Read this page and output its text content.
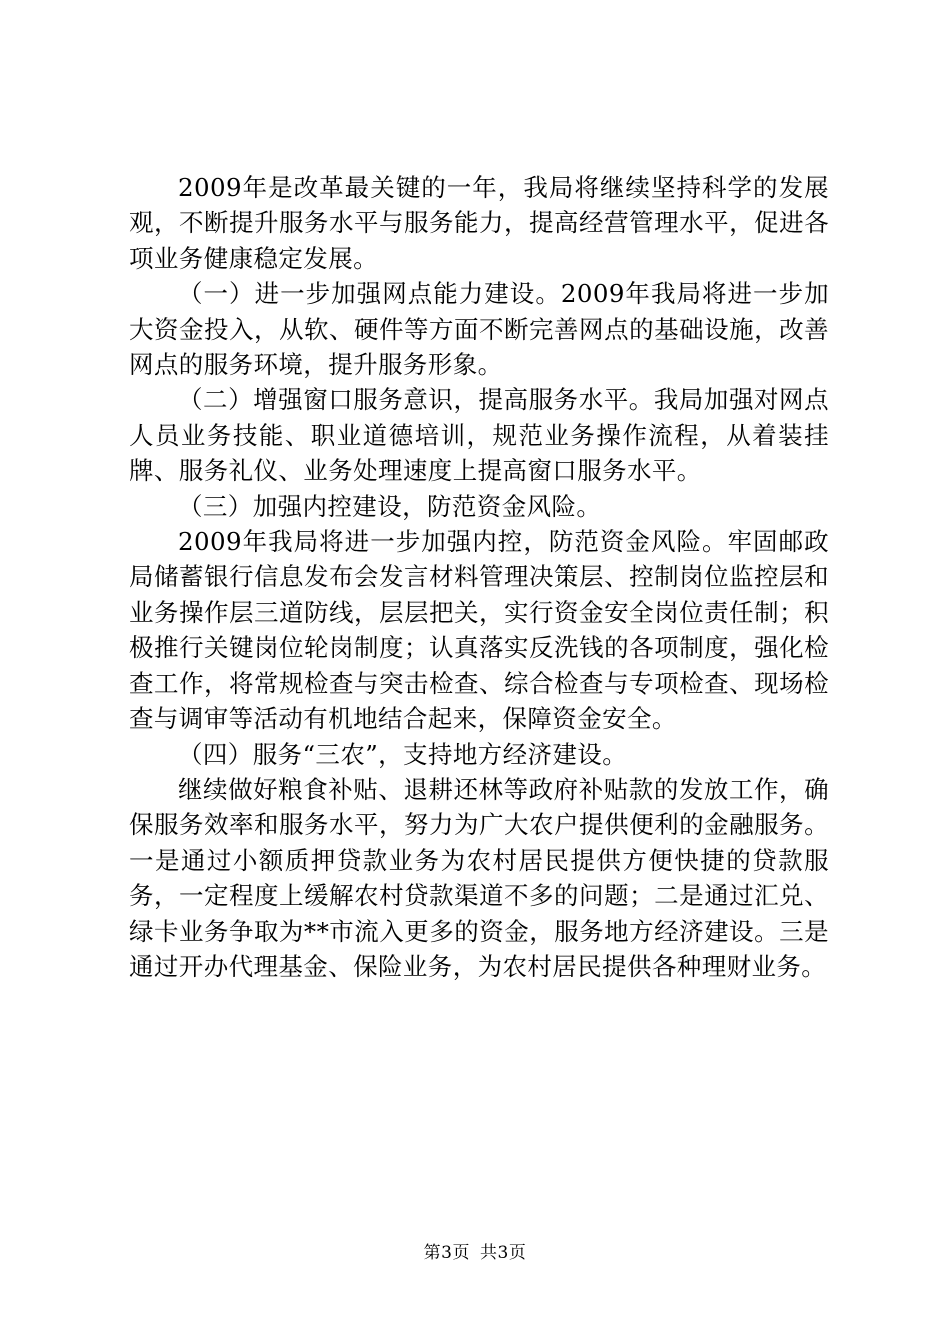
2009年是改革最关键的一年，我局将继续坚持科学的发展观，不断提升服务水平与服务能力，提高经营管理水平，促进各项业务健康稳定发展。

（一）进一步加强网点能力建设。2009年我局将进一步加大资金投入，从软、硬件等方面不断完善网点的基础设施，改善网点的服务环境，提升服务形象。

（二）增强窗口服务意识，提高服务水平。我局加强对网点人员业务技能、职业道德培训，规范业务操作流程，从着装挂牌、服务礼仪、业务处理速度上提高窗口服务水平。

（三）加强内控建设，防范资金风险。

2009年我局将进一步加强内控，防范资金风险。牢固邮政局储蓄银行信息发布会发言材料管理决策层、控制岗位监控层和业务操作层三道防线，层层把关，实行资金安全岗位责任制；积极推行关键岗位轮岗制度；认真落实反洗钱的各项制度，强化检查工作，将常规检查与突击检查、综合检查与专项检查、现场检查与调审等活动有机地结合起来，保障资金安全。

（四）服务“三农”，支持地方经济建设。

继续做好粮食补贴、退耕还林等政府补贴款的发放工作，确保服务效率和服务水平，努力为广大农户提供便利的金融服务。一是通过小额质押贷款业务为农村居民提供方便快捷的贷款服务，一定程度上缓解农村贷款渠道不多的问题；二是通过汇兑、绿卡业务争取为**市流入更多的资金，服务地方经济建设。三是通过开办代理基金、保险业务，为农村居民提供各种理财业务。

第3页 共3页
